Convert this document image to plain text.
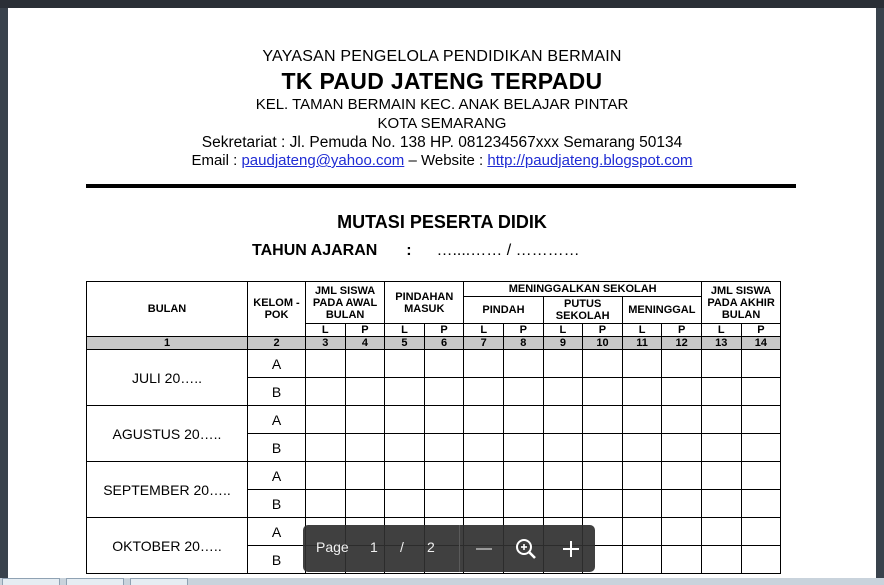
YAYASAN PENGELOLA PENDIDIKAN BERMAIN
TK PAUD JATENG TERPADU
KEL. TAMAN BERMAIN KEC. ANAK BELAJAR PINTAR
KOTA SEMARANG
Sekretariat : Jl. Pemuda No. 138 HP. 081234567xxx Semarang 50134
Email : paudjateng@yahoo.com – Website : http://paudjateng.blogspot.com
MUTASI PESERTA DIDIK
TAHUN AJARAN : …....…… / …………
BULAN	KELOM -POK	JML SISWA PADA AWAL BULAN		PINDAHAN MASUK		MENINGGALKAN SEKOLAH						JML SISWA PADA AKHIR BULAN	
						PINDAH		PUTUS SEKOLAH		MENINGGAL			
		L	P	L	P	L	P	L	P	L	P	L	P
1	2	3	4	5	6	7	8	9	10	11	12	13	14
JULI 20…..	A												
	B												
AGUSTUS 20…..	A												
	B												
SEPTEMBER 20…..	A												
	B												
OKTOBER 20…..	A												
	B												
Page 1 / 2
